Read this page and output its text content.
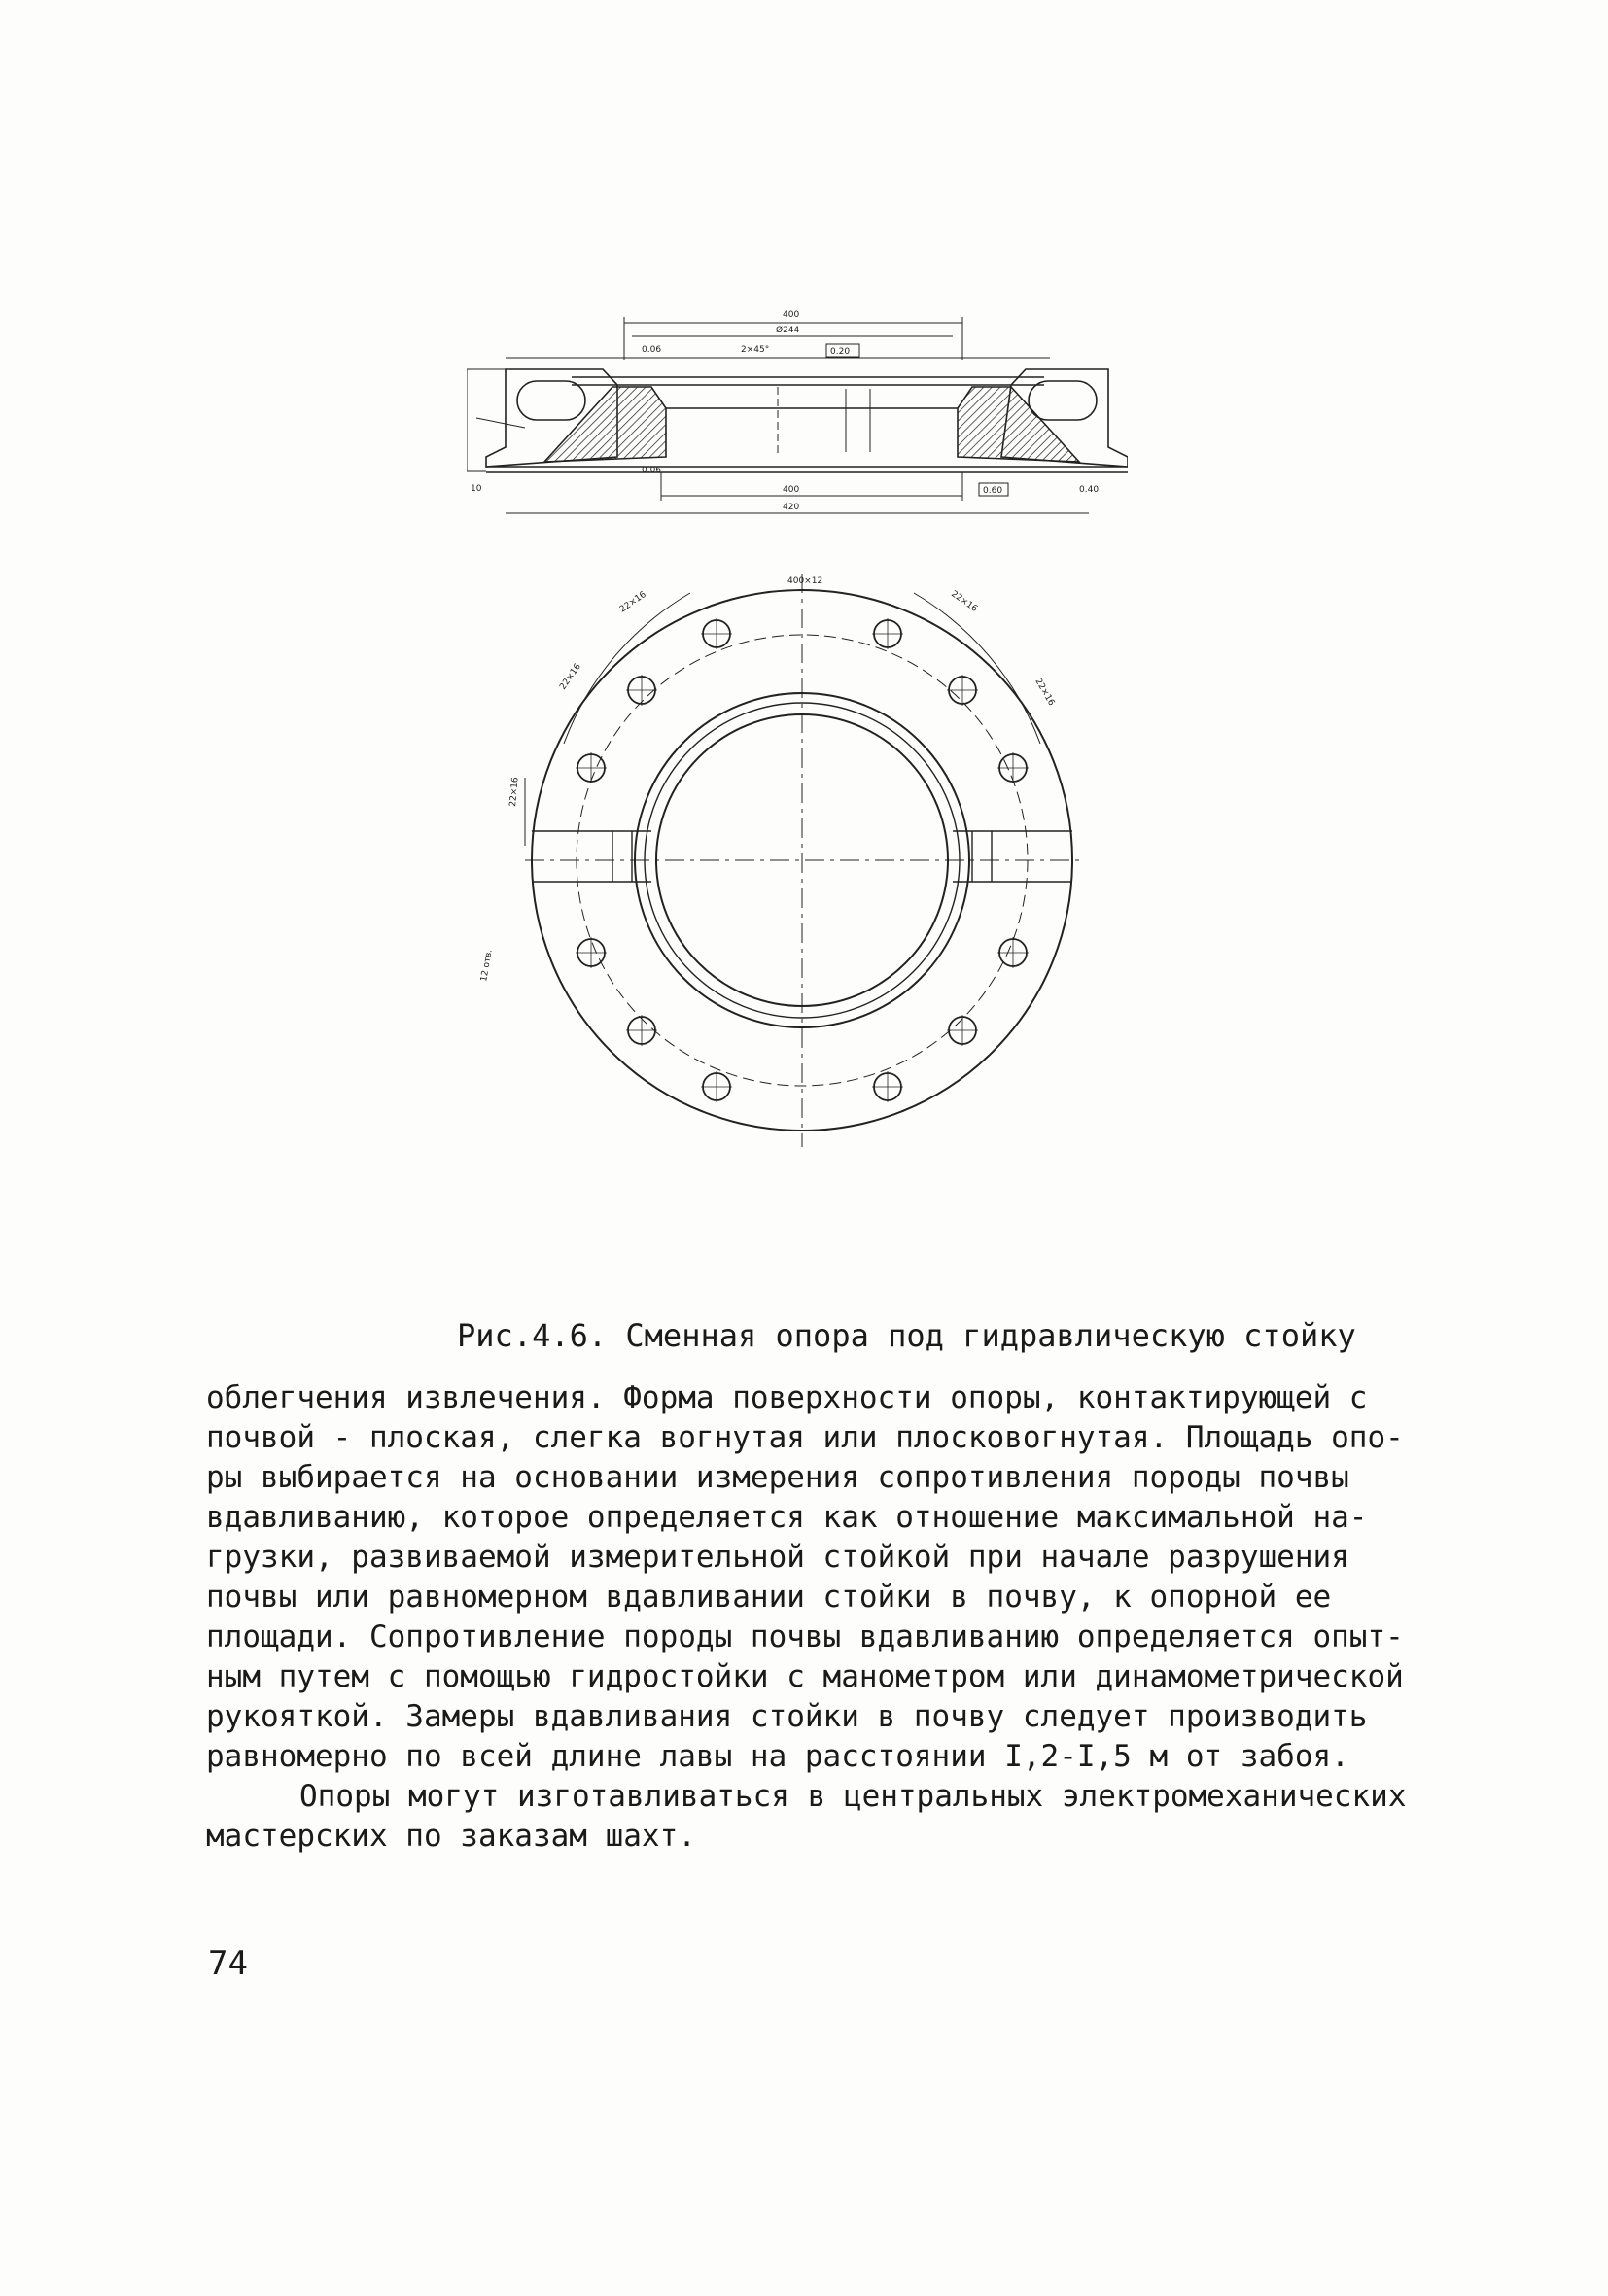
400
Ø244
2×45°	0.20
400
420
10	0.60	0.40
0.06
0.06
400×12
22×16
22×16
22×16
22×16
22×16
12 отв.
Рис.4.6. Сменная опора под гидравлическую стойку
облегчения извлечения. Форма поверхности опоры, контактирующей с
почвой - плоская, слегка вогнутая или плосковогнутая. Площадь опо-
ры выбирается на основании измерения сопротивления породы почвы
вдавливанию, которое определяется как отношение максимальной на-
грузки, развиваемой измерительной стойкой при начале разрушения
почвы или равномерном вдавливании стойки в почву, к опорной ее
площади. Сопротивление породы почвы вдавливанию определяется опыт-
ным путем с помощью гидростойки с манометром или динамометрической
рукояткой. Замеры вдавливания стойки в почву следует производить
равномерно по всей длине лавы на расстоянии I,2-I,5 м от забоя.
Опоры могут изготавливаться в центральных электромеханических
мастерских по заказам шахт.
74
